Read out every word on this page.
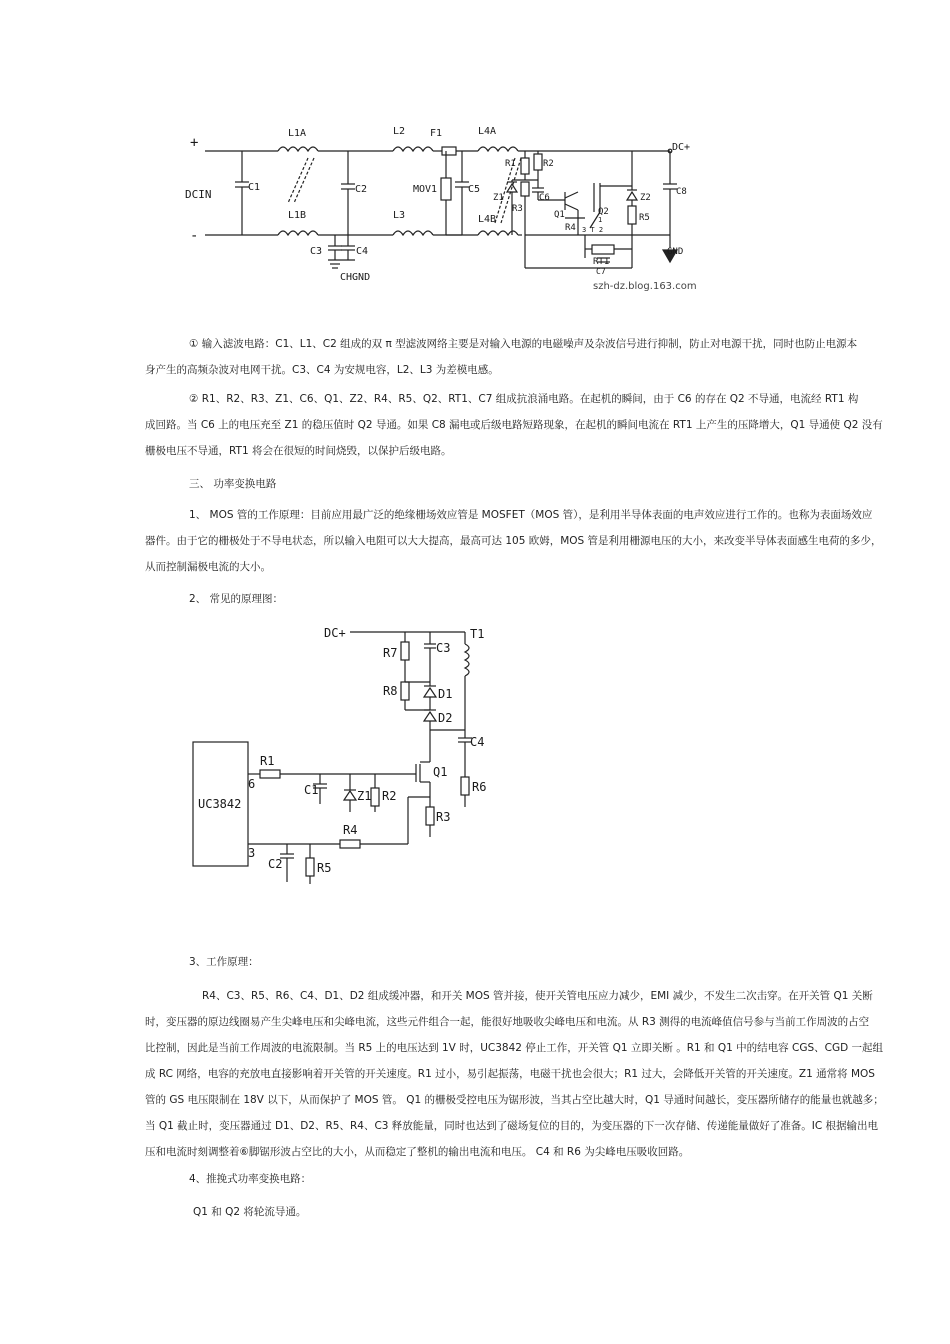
+
-
DCIN
C1
L1A
L1B
C2
C3	C4
CHGND
L2
L3
F1
MOV1	C5
L4A
L4B
R1	R2
R3
Z1	C6
Q1
R4
Q2
1
3 T 2
Z2
R5
C8
DC+
GND
RT1
C7
szh-dz.blog.163.com
① 输入滤波电路：C1、L1、C2 组成的双 π 型滤波网络主要是对输入电源的电磁噪声及杂波信号进行抑制，防止对电源干扰，同时也防止电源本
身产生的高频杂波对电网干扰。C3、C4 为安规电容，L2、L3 为差模电感。
② R1、R2、R3、Z1、C6、Q1、Z2、R4、R5、Q2、RT1、C7 组成抗浪涌电路。在起机的瞬间，由于 C6 的存在 Q2 不导通，电流经 RT1 构
成回路。当 C6 上的电压充至 Z1 的稳压值时 Q2 导通。如果 C8 漏电或后级电路短路现象，在起机的瞬间电流在 RT1 上产生的压降增大，Q1 导通使 Q2 没有
栅极电压不导通，RT1 将会在很短的时间烧毁，以保护后级电路。

三、 功率变换电路

1、 MOS 管的工作原理：目前应用最广泛的绝缘栅场效应管是 MOSFET（MOS 管），是利用半导体表面的电声效应进行工作的。也称为表面场效应
器件。由于它的栅极处于不导电状态，所以输入电阻可以大大提高，最高可达 105 欧姆，MOS 管是利用栅源电压的大小，来改变半导体表面感生电荷的多少，
从而控制漏极电流的大小。

2、 常见的原理图：

DC+	T1
R7	C3
R8	D1
D2
C4
UC3842
R1
6	C1	Z1 R2
Q1
R6
R3
R4
3
C2	R5

3、工作原理：

R4、C3、R5、R6、C4、D1、D2 组成缓冲器，和开关 MOS 管并接，使开关管电压应力减少，EMI 减少，不发生二次击穿。在开关管 Q1 关断
时，变压器的原边线圈易产生尖峰电压和尖峰电流，这些元件组合一起，能很好地吸收尖峰电压和电流。从 R3 测得的电流峰值信号参与当前工作周波的占空
比控制，因此是当前工作周波的电流限制。当 R5 上的电压达到 1V 时，UC3842 停止工作，开关管 Q1 立即关断 。R1 和 Q1 中的结电容 CGS、CGD 一起组
成 RC 网络，电容的充放电直接影响着开关管的开关速度。R1 过小，易引起振荡，电磁干扰也会很大；R1 过大，会降低开关管的开关速度。Z1 通常将 MOS
管的 GS 电压限制在 18V 以下，从而保护了 MOS 管。 Q1 的栅极受控电压为锯形波，当其占空比越大时，Q1 导通时间越长，变压器所储存的能量也就越多；
当 Q1 截止时，变压器通过 D1、D2、R5、R4、C3 释放能量，同时也达到了磁场复位的目的，为变压器的下一次存储、传递能量做好了准备。IC 根据输出电
压和电流时刻调整着⑥脚锯形波占空比的大小，从而稳定了整机的输出电流和电压。 C4 和 R6 为尖峰电压吸收回路。

4、推挽式功率变换电路：

Q1 和 Q2 将轮流导通。
